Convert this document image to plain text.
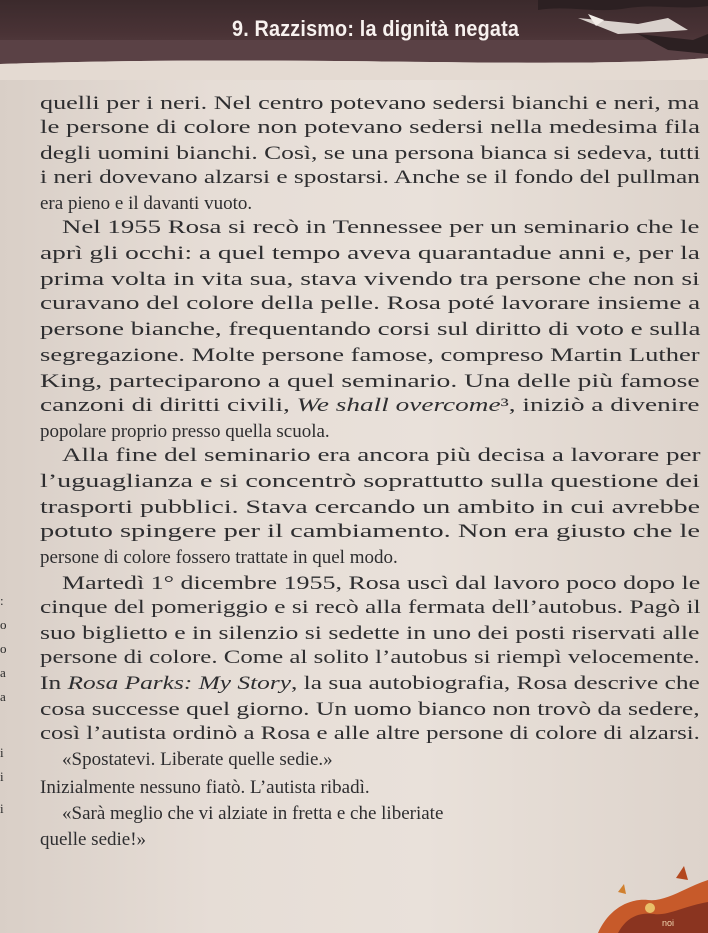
9. Razzismo: la dignità negata
:
o
o
a
a
i
i
i
quelli per i neri. Nel centro potevano sedersi bianchi e neri, ma
le persone di colore non potevano sedersi nella medesima fila
degli uomini bianchi. Così, se una persona bianca si sedeva, tutti
i neri dovevano alzarsi e spostarsi. Anche se il fondo del pullman
era pieno e il davanti vuoto.
Nel 1955 Rosa si recò in Tennessee per un seminario che le
aprì gli occhi: a quel tempo aveva quarantadue anni e, per la
prima volta in vita sua, stava vivendo tra persone che non si
curavano del colore della pelle. Rosa poté lavorare insieme a
persone bianche, frequentando corsi sul diritto di voto e sulla
segregazione. Molte persone famose, compreso Martin Luther
King, parteciparono a quel seminario. Una delle più famose
canzoni di diritti civili, We shall overcome³, iniziò a divenire
popolare proprio presso quella scuola.
Alla fine del seminario era ancora più decisa a lavorare per
l’uguaglianza e si concentrò soprattutto sulla questione dei
trasporti pubblici. Stava cercando un ambito in cui avrebbe
potuto spingere per il cambiamento. Non era giusto che le
persone di colore fossero trattate in quel modo.
Martedì 1° dicembre 1955, Rosa uscì dal lavoro poco dopo le
cinque del pomeriggio e si recò alla fermata dell’autobus. Pagò il
suo biglietto e in silenzio si sedette in uno dei posti riservati alle
persone di colore. Come al solito l’autobus si riempì velocemente.
In Rosa Parks: My Story, la sua autobiografia, Rosa descrive che
cosa successe quel giorno. Un uomo bianco non trovò da sedere,
così l’autista ordinò a Rosa e alle altre persone di colore di alzarsi.
«Spostatevi. Liberate quelle sedie.»
Inizialmente nessuno fiatò. L’autista ribadì.
«Sarà meglio che vi alziate in fretta e che liberiate
quelle sedie!»
noi
